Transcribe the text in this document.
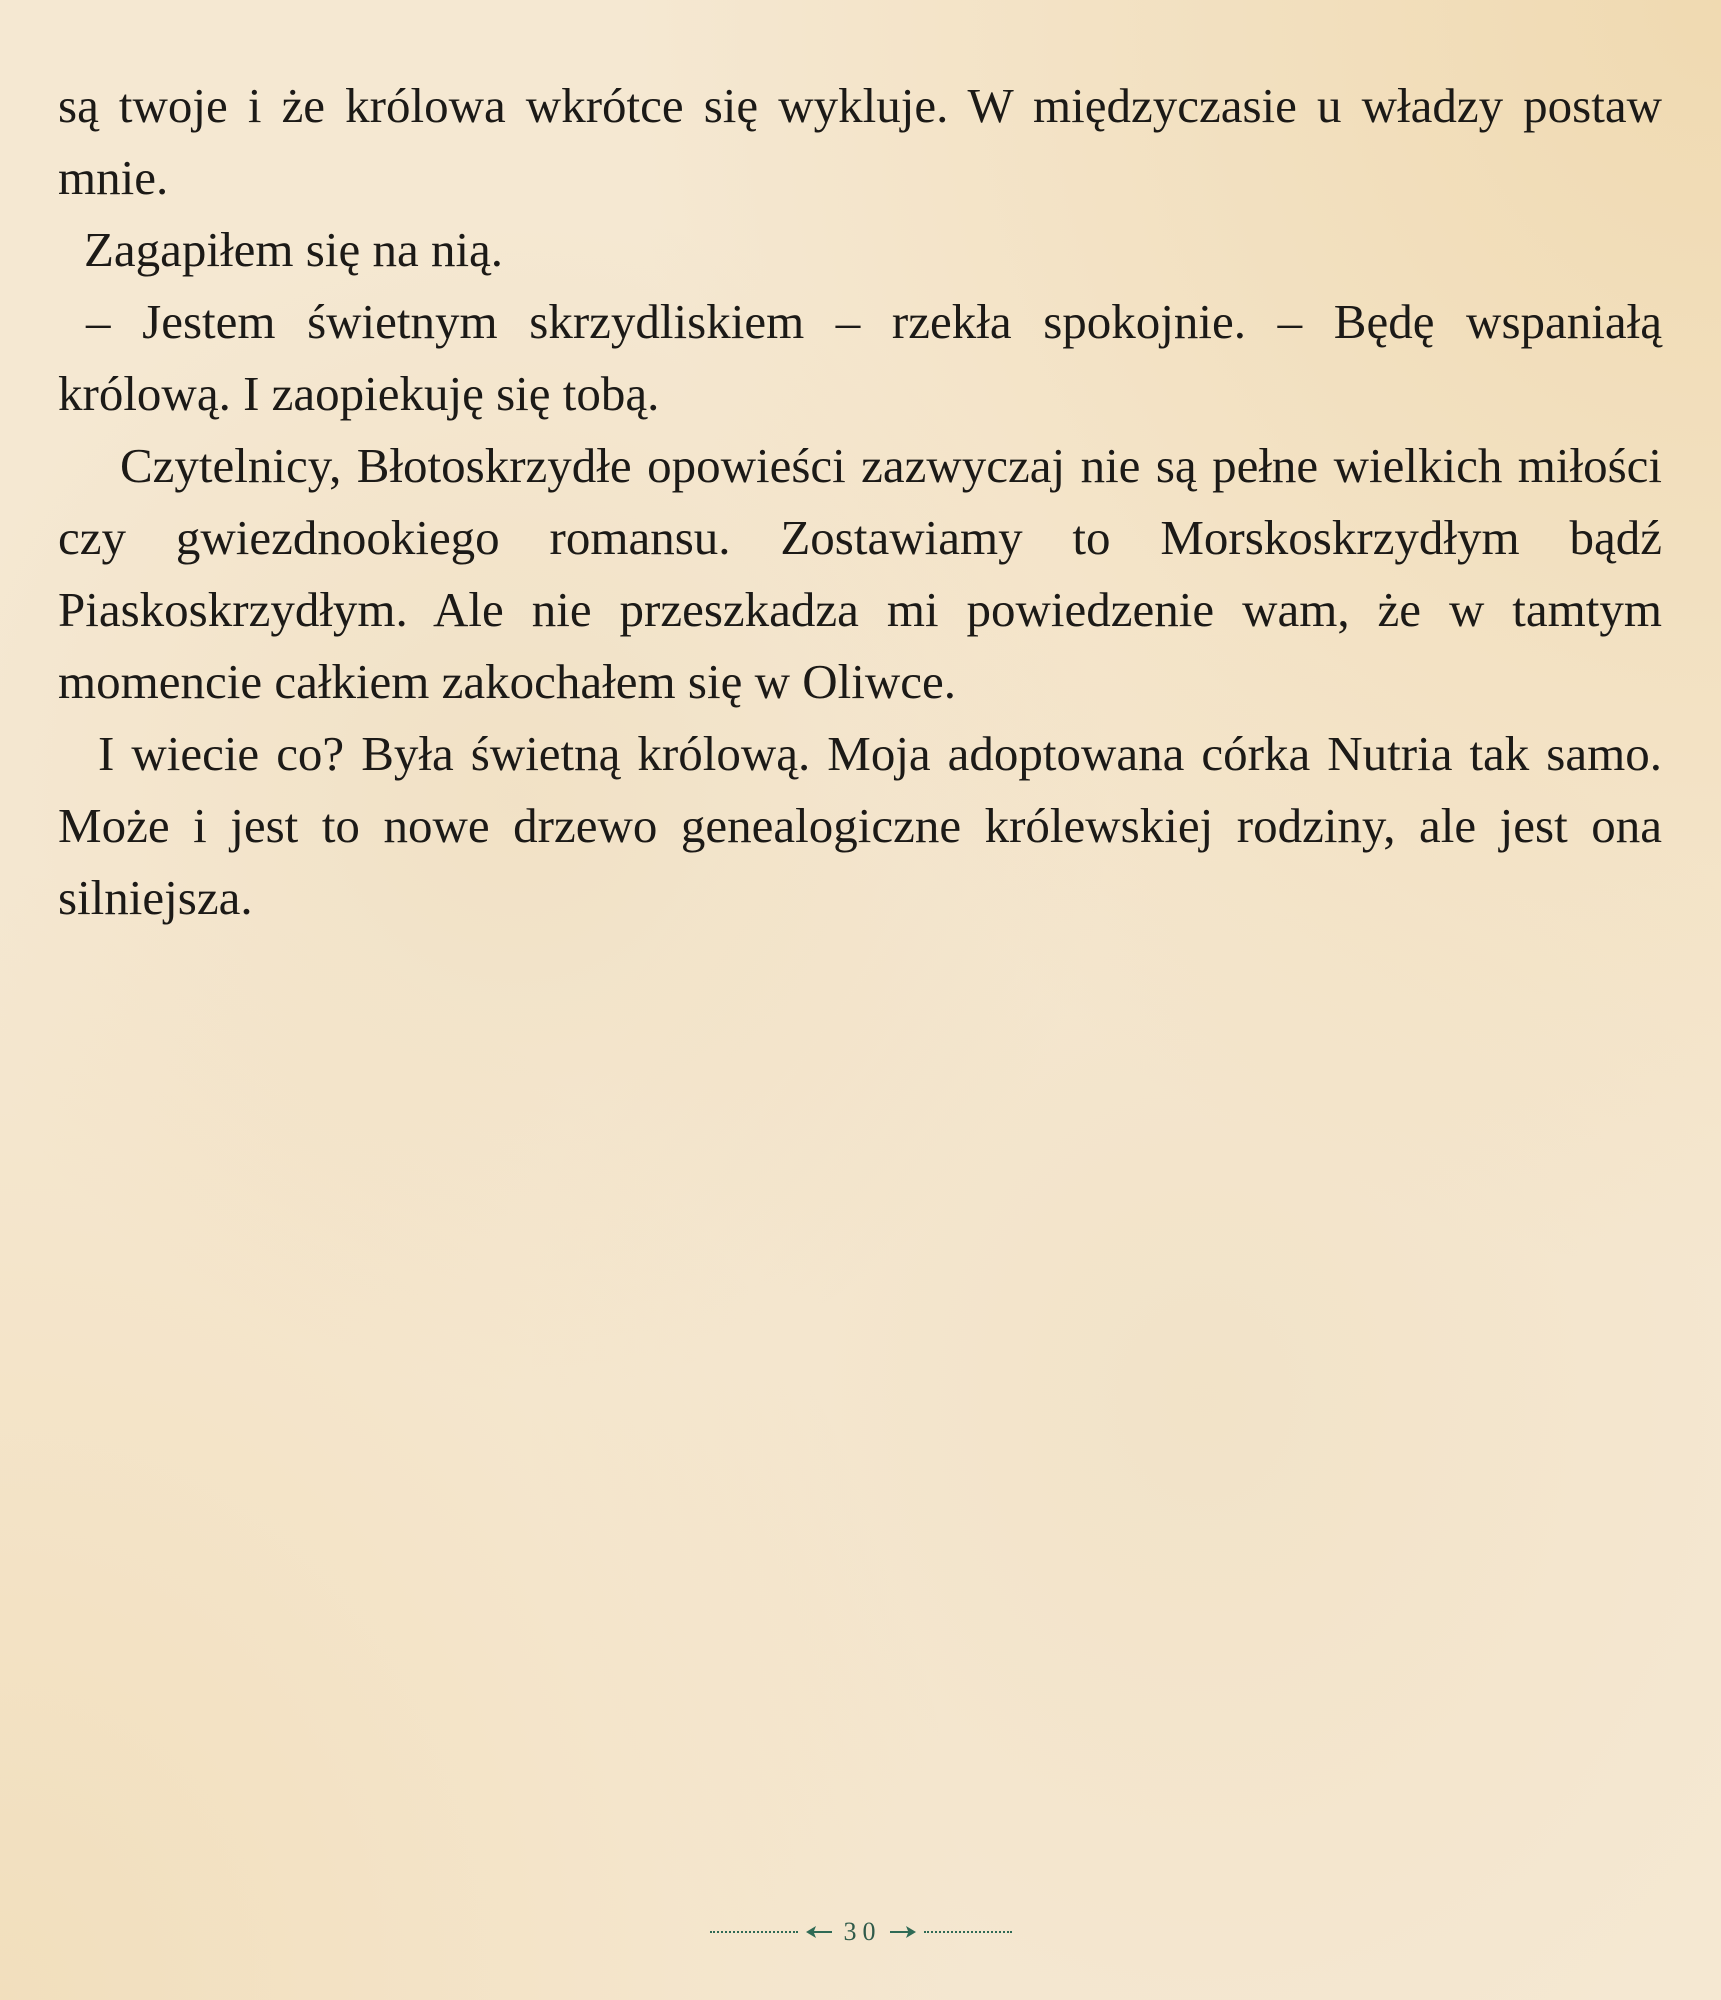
są twoje i że królowa wkrótce się wykluje. W międzyczasie u władzy postaw mnie.

Zagapiłem się na nią.

– Jestem świetnym skrzydliskiem – rzekła spokojnie. – Będę wspaniałą królową. I zaopiekuję się tobą.

Czytelnicy, Błotoskrzydłe opowieści zazwyczaj nie są pełne wielkich miłości czy gwiezdnookiego romansu. Zostawiamy to Morskoskrzydłym bądź Piaskoskrzydłym. Ale nie przeszkadza mi powiedzenie wam, że w tamtym momencie całkiem zakochałem się w Oliwce.

I wiecie co? Była świetną królową. Moja adoptowana córka Nutria tak samo. Może i jest to nowe drzewo genealogiczne królewskiej rodziny, ale jest ona silniejsza.

30
